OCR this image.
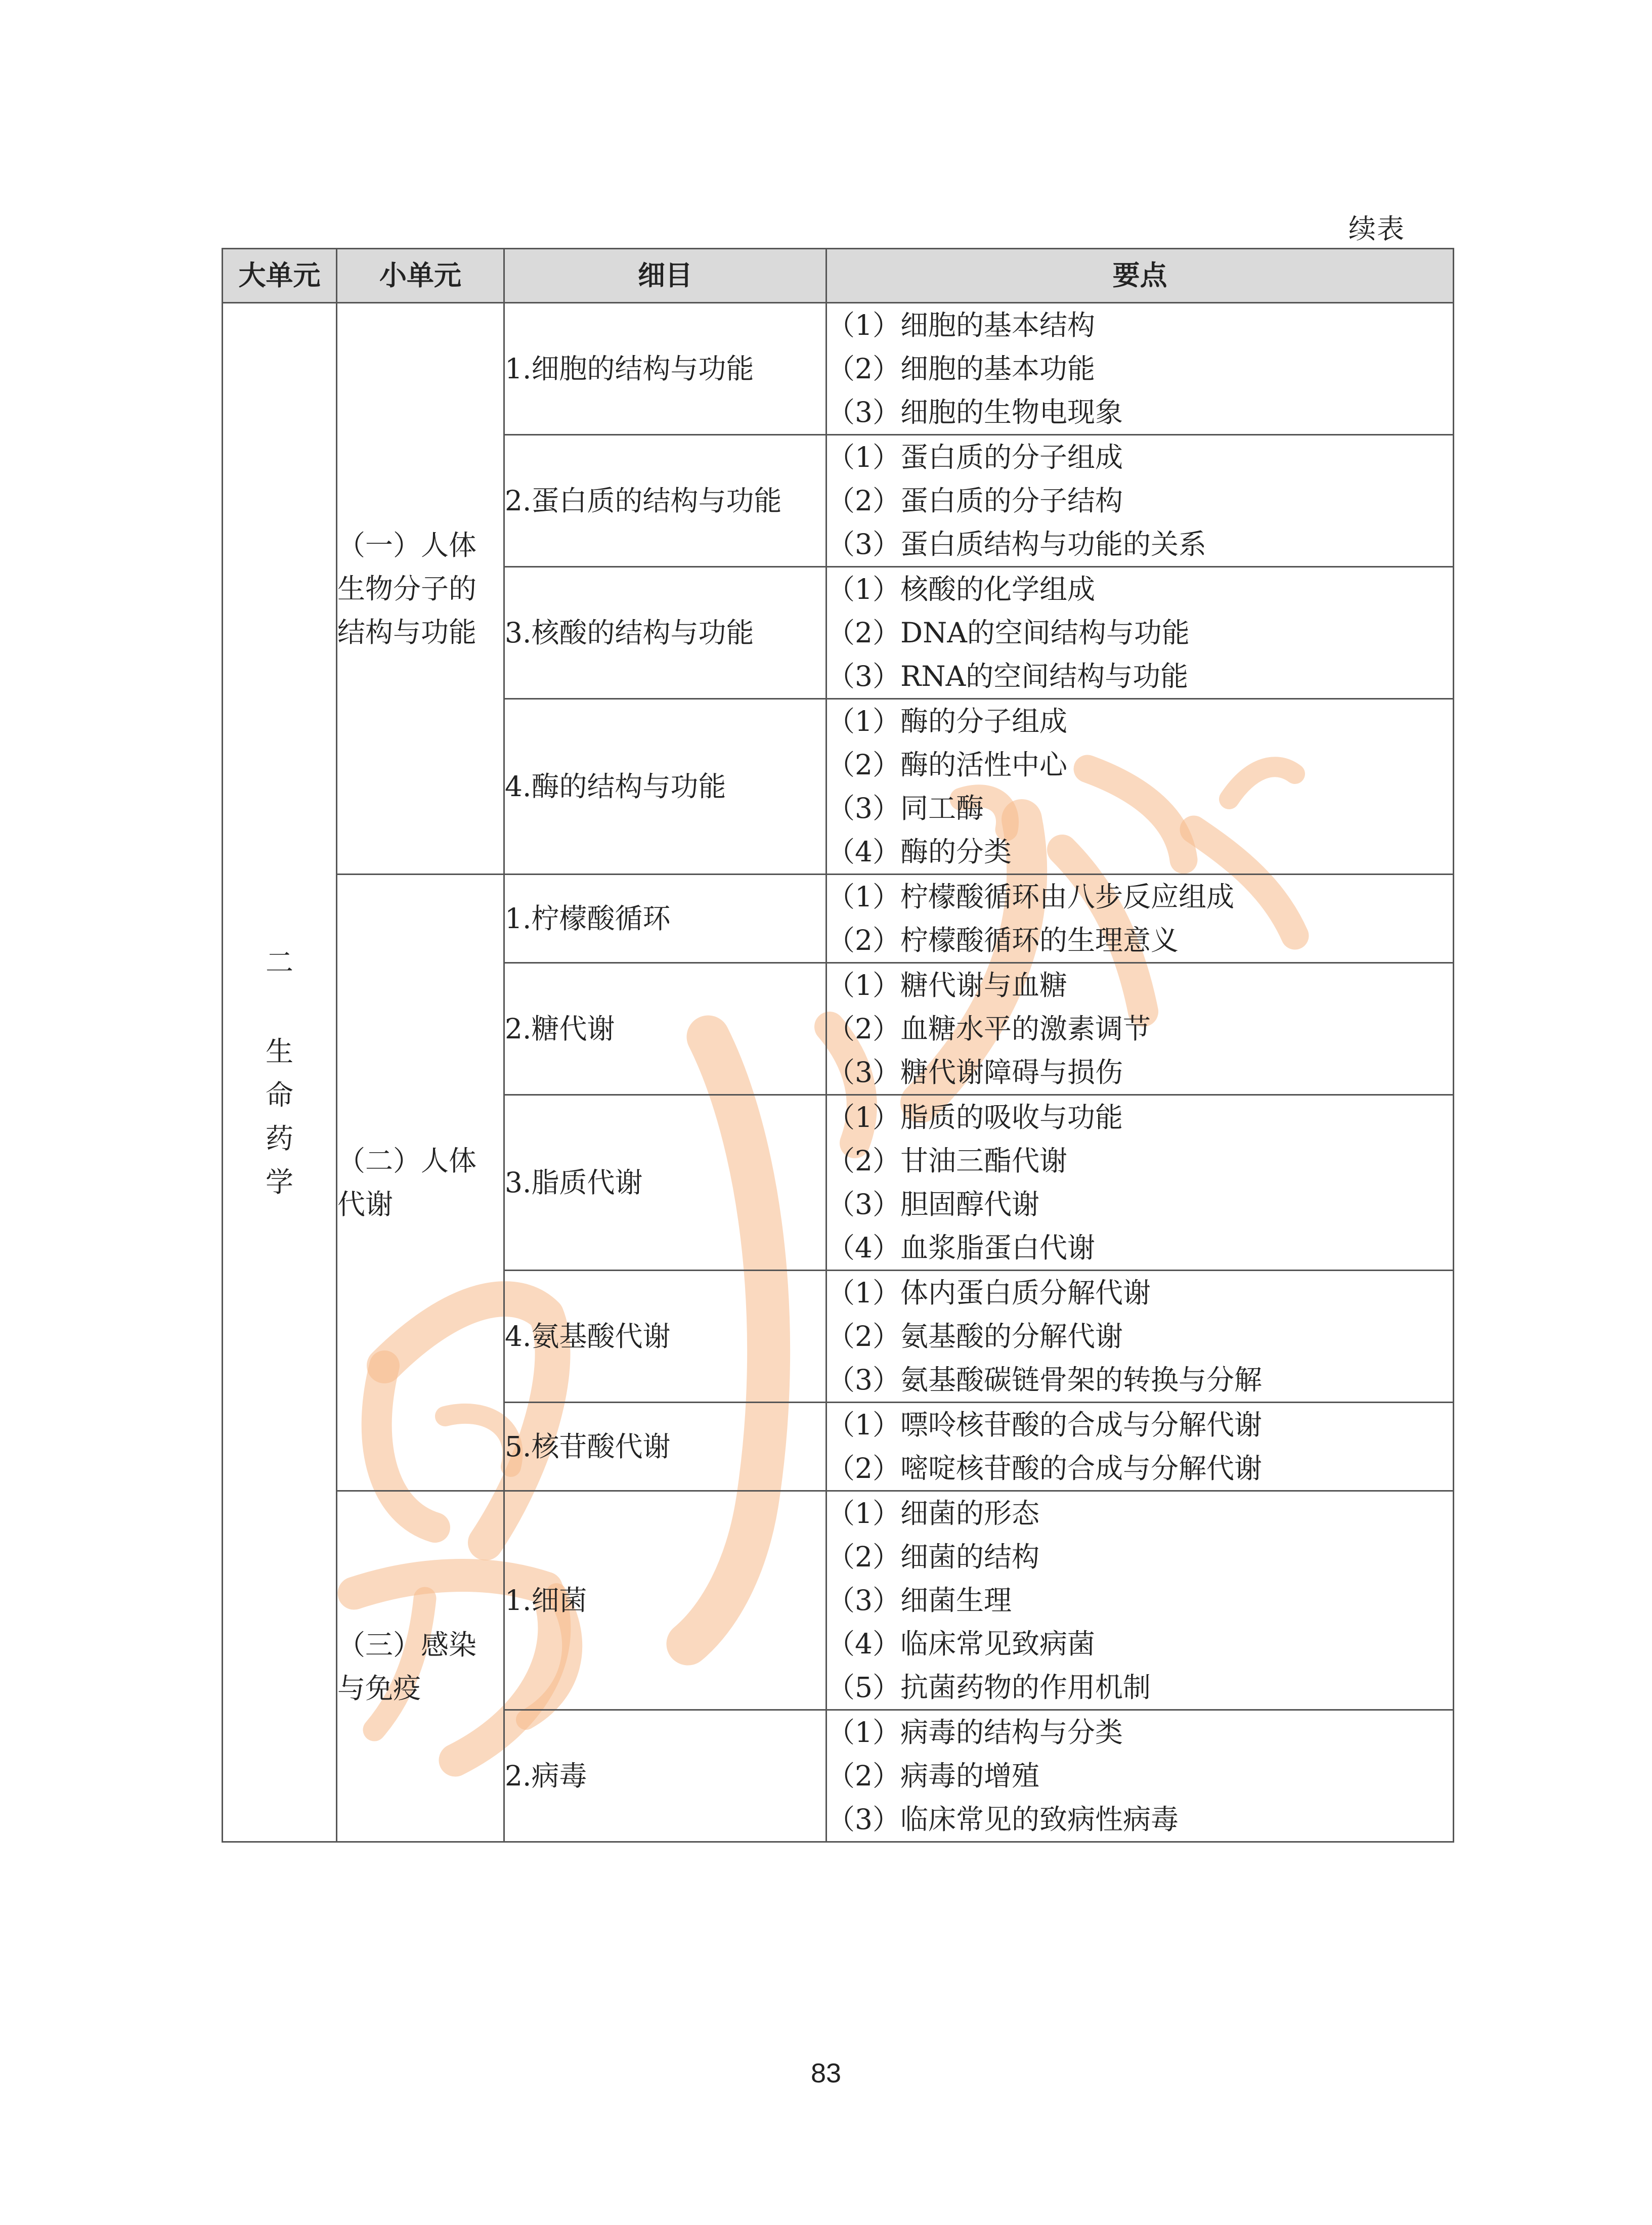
续表
大单元	小单元	细目	要点

二
生
命
药
学	（一）人体生物分子的结构与功能	1.细胞的结构与功能	（1）细胞的基本结构
（2）细胞的基本功能
（3）细胞的生物电现象

		2.蛋白质的结构与功能	（1）蛋白质的分子组成
（2）蛋白质的分子结构
（3）蛋白质结构与功能的关系

		3.核酸的结构与功能	（1）核酸的化学组成
（2）DNA的空间结构与功能
（3）RNA的空间结构与功能

		4.酶的结构与功能	（1）酶的分子组成
（2）酶的活性中心
（3）同工酶
（4）酶的分类

	（二）人体代谢	1.柠檬酸循环	（1）柠檬酸循环由八步反应组成
（2）柠檬酸循环的生理意义

		2.糖代谢	（1）糖代谢与血糖
（2）血糖水平的激素调节
（3）糖代谢障碍与损伤

		3.脂质代谢	（1）脂质的吸收与功能
（2）甘油三酯代谢
（3）胆固醇代谢
（4）血浆脂蛋白代谢

		4.氨基酸代谢	（1）体内蛋白质分解代谢
（2）氨基酸的分解代谢
（3）氨基酸碳链骨架的转换与分解

		5.核苷酸代谢	（1）嘌呤核苷酸的合成与分解代谢
（2）嘧啶核苷酸的合成与分解代谢

	（三）感染与免疫	1.细菌	（1）细菌的形态
（2）细菌的结构
（3）细菌生理
（4）临床常见致病菌
（5）抗菌药物的作用机制

		2.病毒	（1）病毒的结构与分类
（2）病毒的增殖
（3）临床常见的致病性病毒
83
